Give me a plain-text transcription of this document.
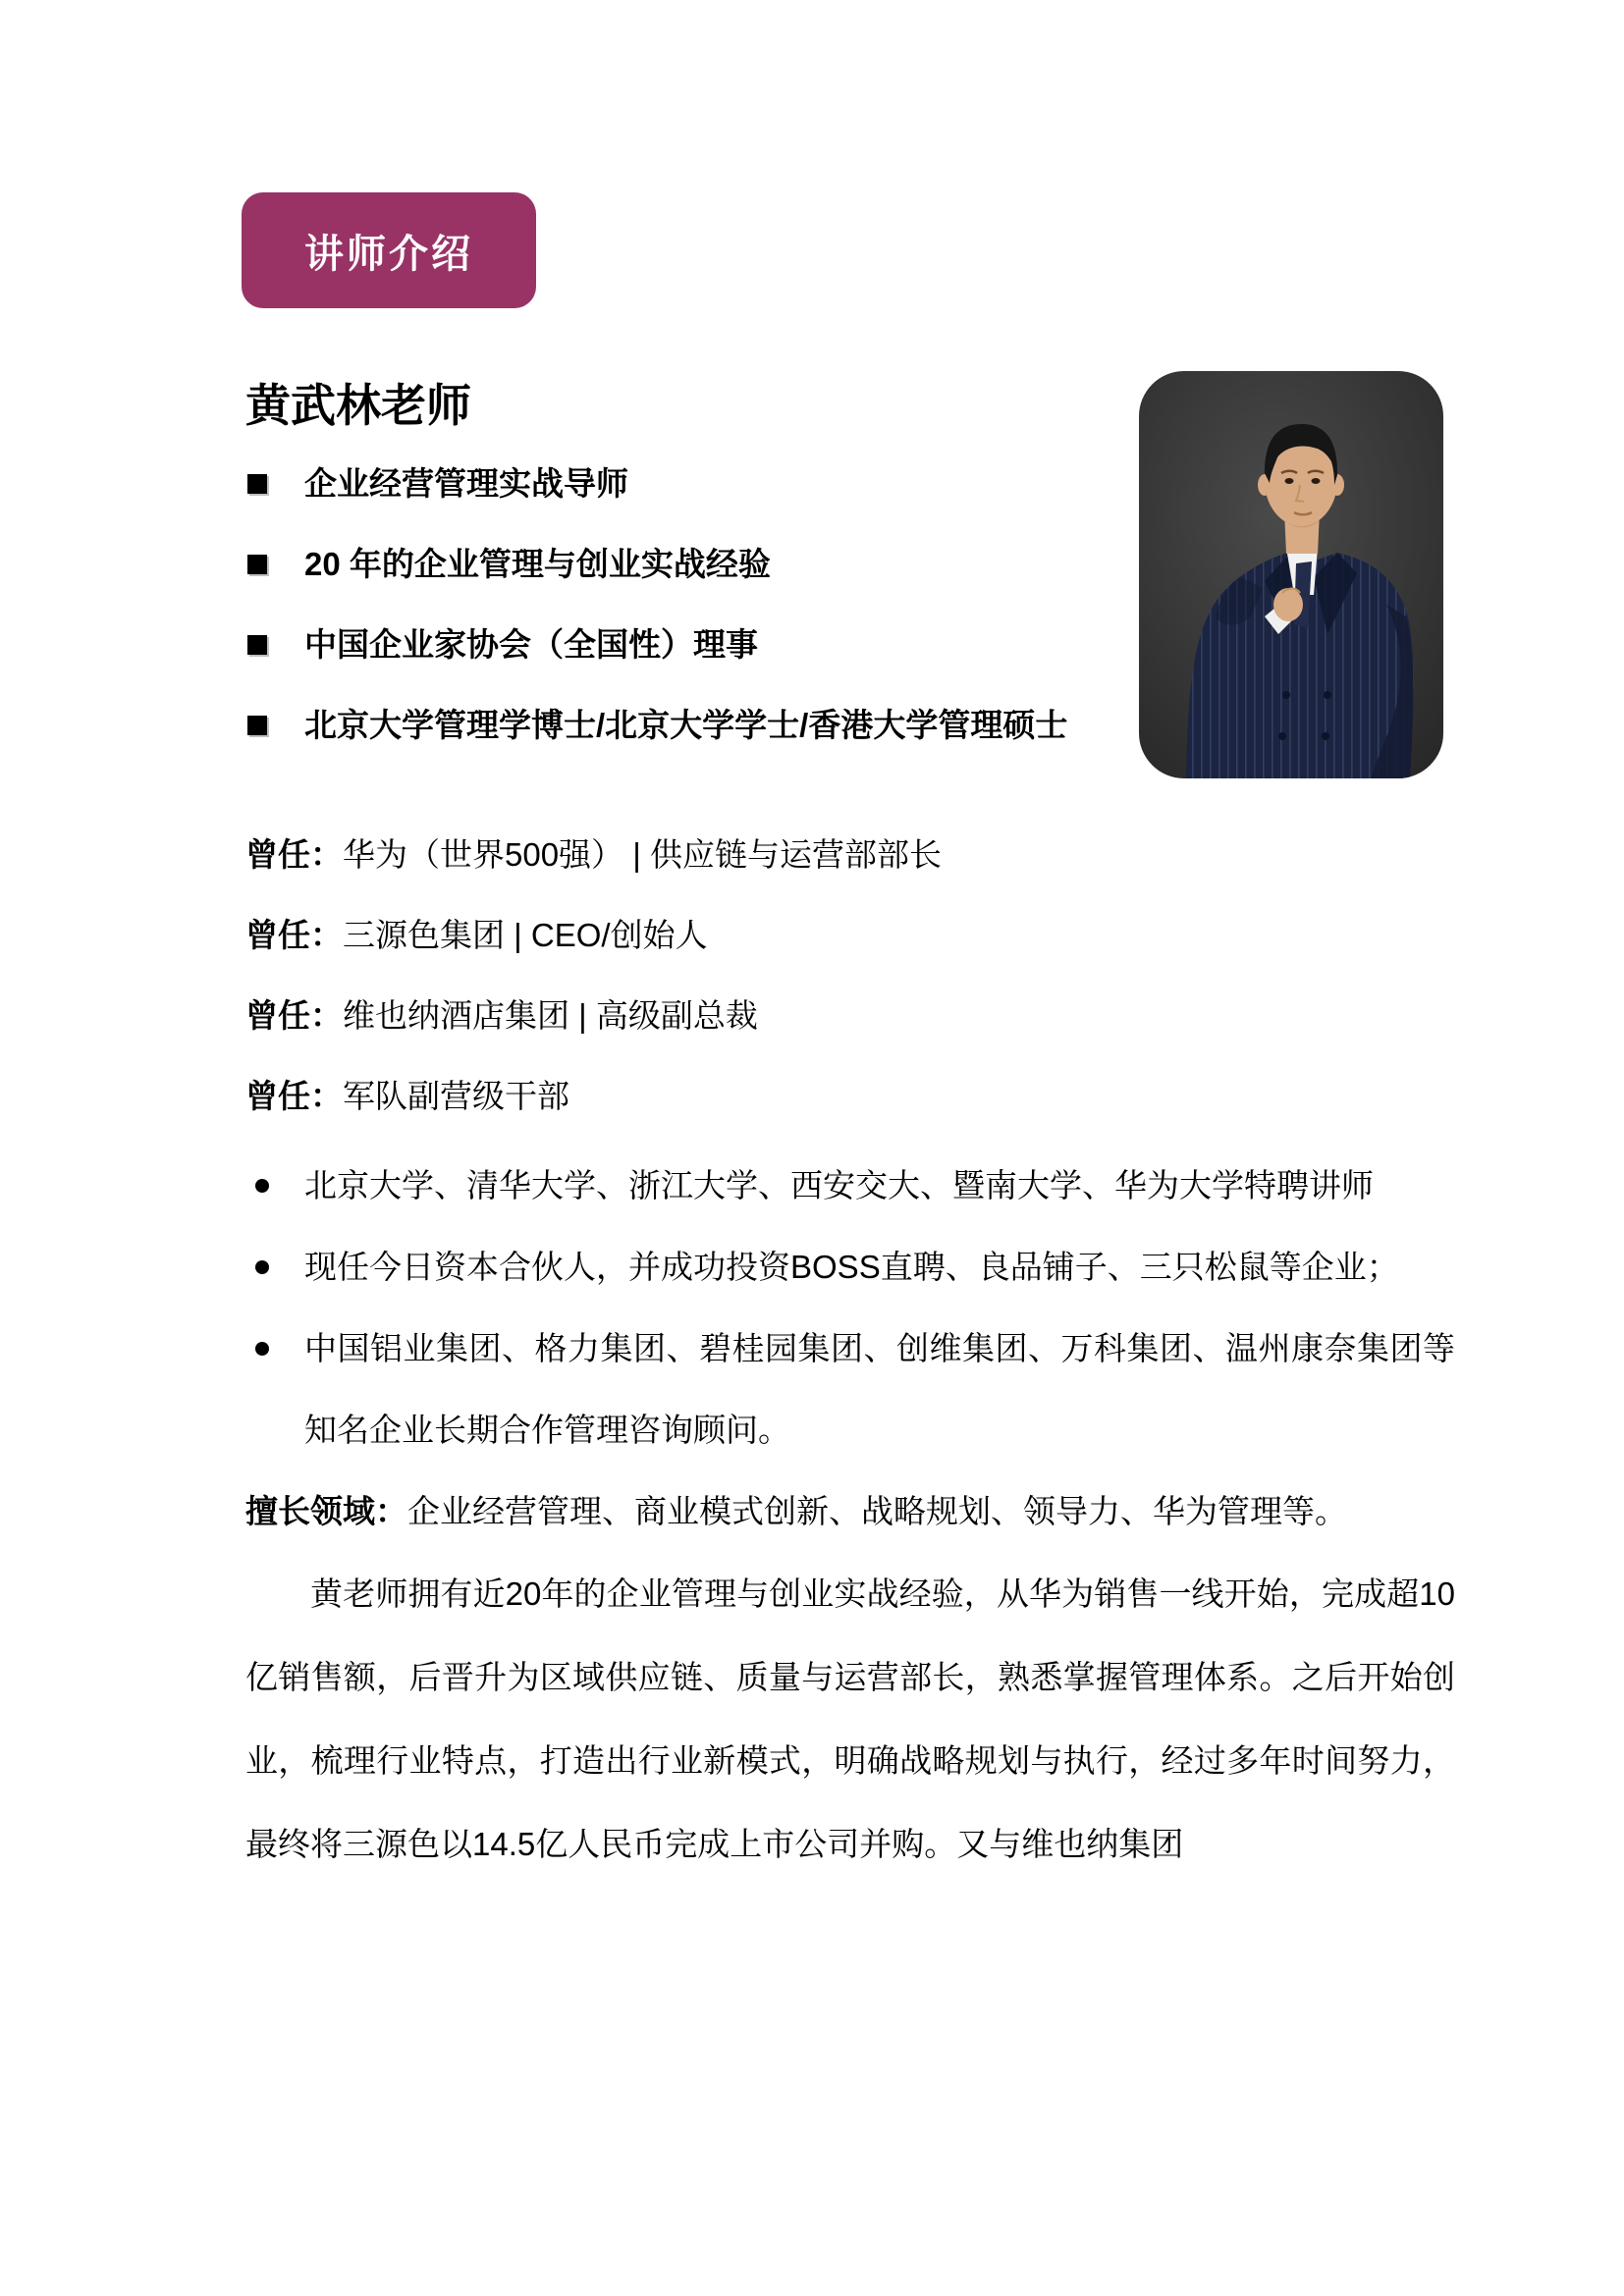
讲师介绍
黄武林老师
企业经营管理实战导师
20 年的企业管理与创业实战经验
中国企业家协会（全国性）理事
北京大学管理学博士/北京大学学士/香港大学管理硕士

曾任：华为（世界500强） | 供应链与运营部部长

曾任：三源色集团 | CEO/创始人

曾任：维也纳酒店集团 | 高级副总裁

曾任：军队副营级干部

北京大学、清华大学、浙江大学、西安交大、暨南大学、华为大学特聘讲师
现任今日资本合伙人，并成功投资BOSS直聘、良品铺子、三只松鼠等企业；
中国铝业集团、格力集团、碧桂园集团、创维集团、万科集团、温州康奈集团等知名企业长期合作管理咨询顾问。

擅长领域：企业经营管理、商业模式创新、战略规划、领导力、华为管理等。

黄老师拥有近20年的企业管理与创业实战经验，从华为销售一线开始，完成超10亿销售额，后晋升为区域供应链、质量与运营部长，熟悉掌握管理体系。之后开始创业，梳理行业特点，打造出行业新模式，明确战略规划与执行，经过多年时间努力，最终将三源色以14.5亿人民币完成上市公司并购。又与维也纳集团
